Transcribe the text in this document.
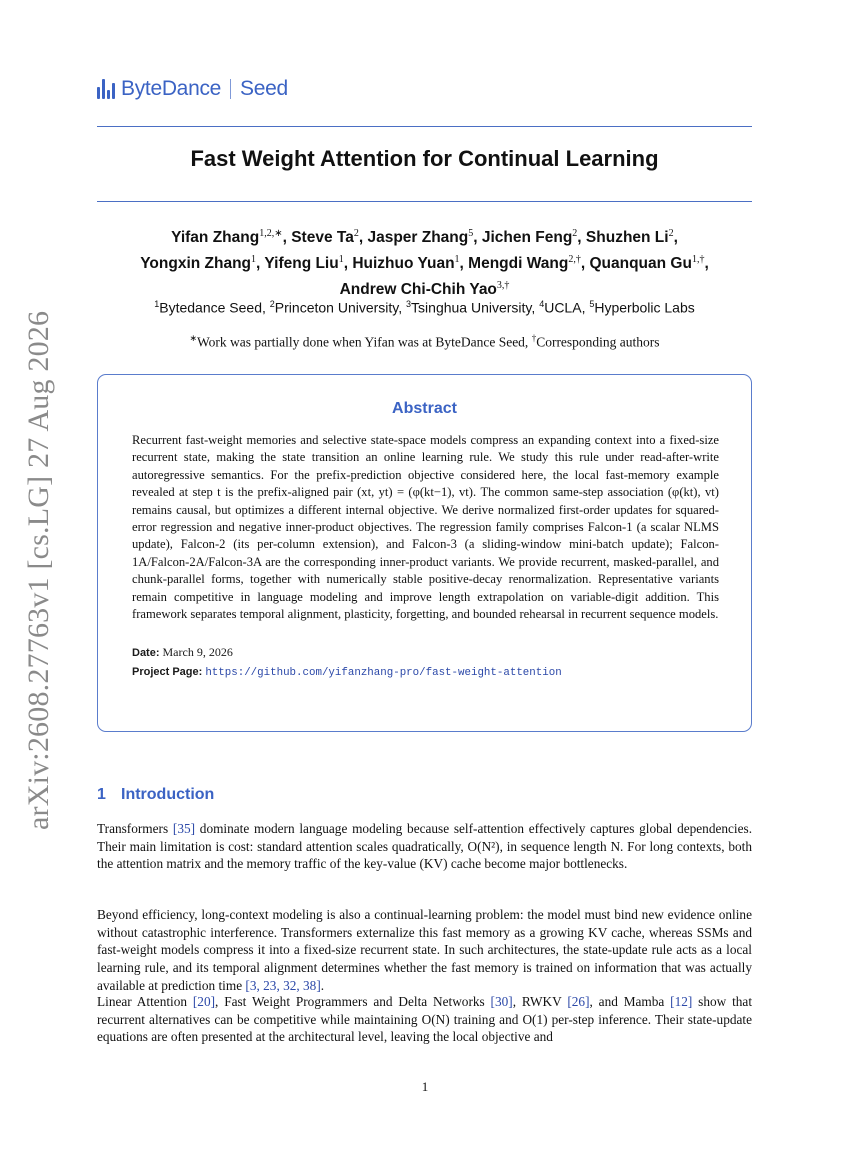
ByteDance Seed
Fast Weight Attention for Continual Learning
Yifan Zhang$^{1,2,∗}$, Steve Ta$^2$, Jasper Zhang$^5$, Jichen Feng$^2$, Shuzhen Li$^2$,
Yongxin Zhang$^1$, Yifeng Liu$^1$, Huizhuo Yuan$^1$, Mengdi Wang$^{2,\dagger}$, Quanquan $Gu^{1,\dagger}$,
Andrew Chi-Chih Yao$^{3,\dagger}$
$^1$Bytedance Seed, $^2$Princeton University, $^3$Tsinghua University, $^4$UCLA, $^5$Hyperbolic Labs
∗Work was partially done when Yifan was at ByteDance Seed, †Corresponding authors
Abstract

Recurrent fast-weight memories and selective state-space models compress an expanding context into a fixed-size recurrent state, making the state transition an online learning rule. We study this rule under read-after-write autoregressive semantics. For the prefix-prediction objective considered here, the local fast-memory example revealed at step t is the prefix-aligned pair (xt, yt) = (φ(kt−1), vt). The common same-step association (φ(kt), vt) remains causal, but optimizes a different internal objective. We derive normalized first-order updates for squared-error regression and negative inner-product objectives. The regression family comprises Falcon-1 (a scalar NLMS update), Falcon-2 (its per-column extension), and Falcon-3 (a sliding-window mini-batch update); Falcon-1A/Falcon-2A/Falcon-3A are the corresponding inner-product variants. We provide recurrent, masked-parallel, and chunk-parallel forms, together with numerically stable positive-decay renormalization. Representative variants remain competitive in language modeling and improve length extrapolation on variable-digit addition. This framework separates temporal alignment, plasticity, forgetting, and bounded rehearsal in recurrent sequence models.

Date: March 9, 2026
Project Page: https://github.com/yifanzhang-pro/fast-weight-attention
arXiv:2608.27763v1 [cs.LG] 27 Aug 2026	1 Introduction

Transformers [35] dominate modern language modeling because self-attention effectively captures global dependencies. Their main limitation is cost: standard attention scales quadratically, O(N²), in sequence length N. For long contexts, both the attention matrix and the memory traffic of the key-value (KV) cache become major bottlenecks.

Beyond efficiency, long-context modeling is also a continual-learning problem: the model must bind new evidence online without catastrophic interference. Transformers externalize this fast memory as a growing KV cache, whereas SSMs and fast-weight models compress it into a fixed-size recurrent state. In such architectures, the state-update rule acts as a local learning rule, and its temporal alignment determines whether the fast memory is trained on information that was actually available at prediction time [3, 23, 32, 38].

Linear Attention [20], Fast Weight Programmers and Delta Networks [30], RWKV [26], and Mamba [12] show that recurrent alternatives can be competitive while maintaining O(N) training and O(1) per-step inference. Their state-update equations are often presented at the architectural level, leaving the local objective and

1
